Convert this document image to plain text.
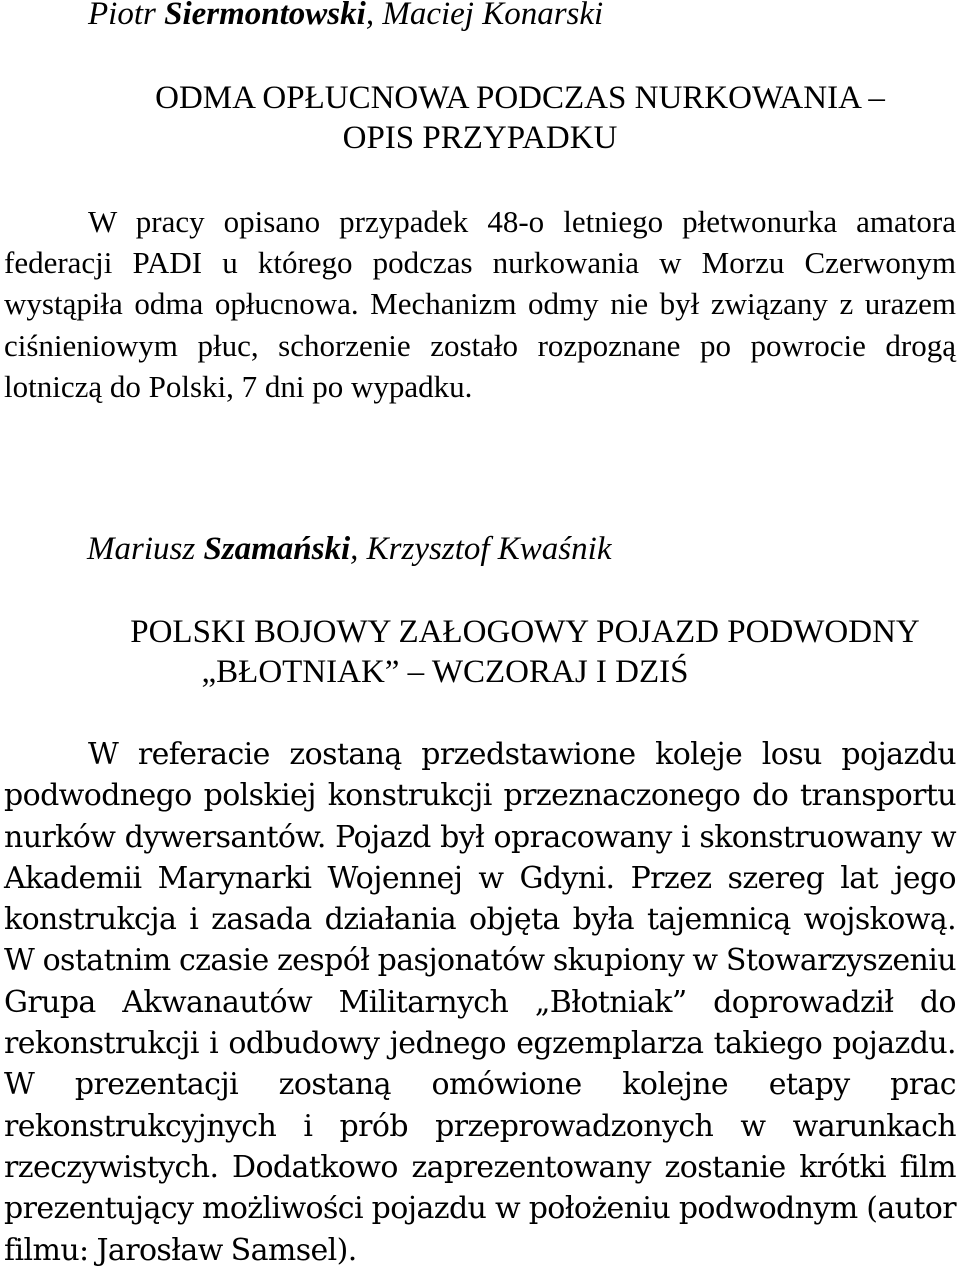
Piotr Siermontowski, Maciej Konarski
ODMA OPŁUCNOWA PODCZAS NURKOWANIA –
OPIS PRZYPADKU

W pracy opisano przypadek 48-o letniego płetwonurka amatora federacji PADI u którego podczas nurkowania w Morzu Czerwonym wystąpiła odma opłucnowa. Mechanizm odmy nie był związany z urazem ciśnieniowym płuc, schorzenie zostało rozpoznane po powrocie drogą lotniczą do Polski, 7 dni po wypadku.

Mariusz Szamański, Krzysztof Kwaśnik
POLSKI BOJOWY ZAŁOGOWY POJAZD PODWODNY
„BŁOTNIAK” – WCZORAJ I DZIŚ

W referacie zostaną przedstawione koleje losu pojazdu podwodnego polskiej konstrukcji przeznaczonego do transportu nurków dywersantów. Pojazd był opracowany i skonstruowany w Akademii Marynarki Wojennej w Gdyni. Przez szereg lat jego konstrukcja i zasada działania objęta była tajemnicą wojskową. W ostatnim czasie zespół pasjonatów skupiony w Stowarzyszeniu Grupa Akwanautów Militarnych „Błotniak” doprowadził do rekonstrukcji i odbudowy jednego egzemplarza takiego pojazdu. W prezentacji zostaną omówione kolejne etapy prac rekonstrukcyjnych i prób przeprowadzonych w warunkach rzeczywistych. Dodatkowo zaprezentowany zostanie krótki film prezentujący możliwości pojazdu w położeniu podwodnym (autor filmu: Jarosław Samsel).
